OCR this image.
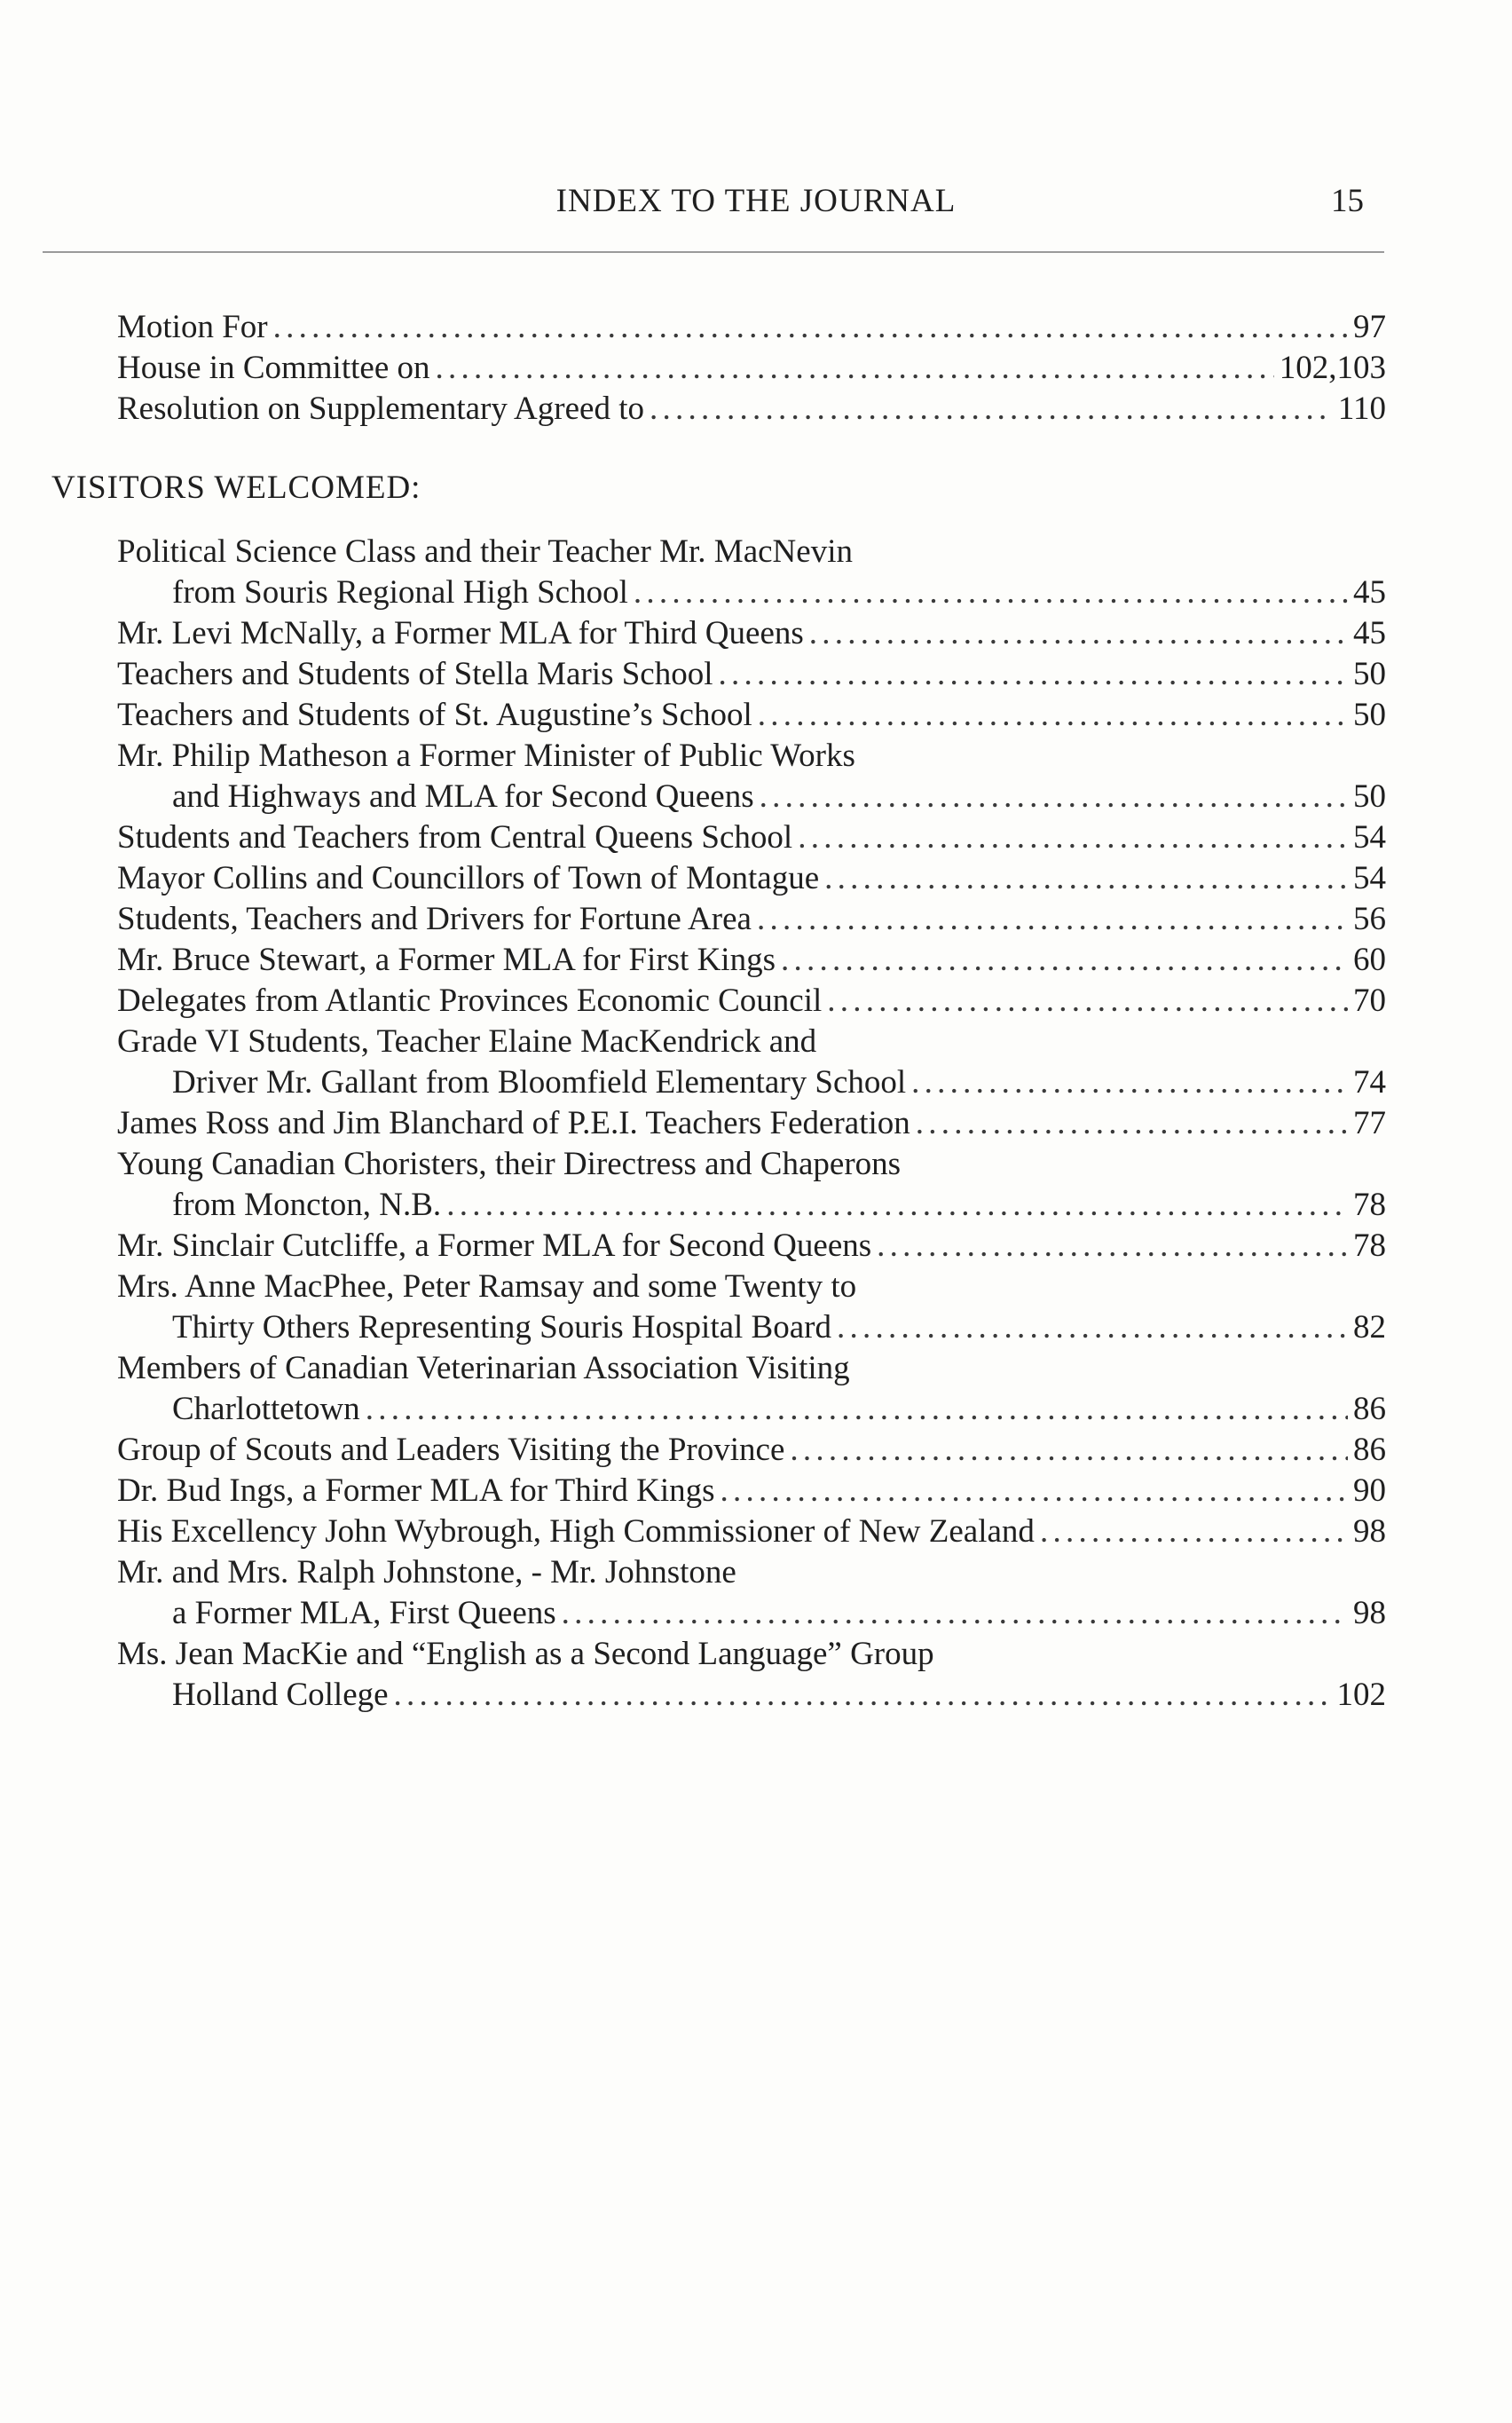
INDEX TO THE JOURNAL	15
Motion For . . .	97
House in Committee on . . .	102,103
Resolution on Supplementary Agreed to . . .	110
VISITORS WELCOMED:
Political Science Class and their Teacher Mr. MacNevin
from Souris Regional High School . . .	45
Mr. Levi McNally, a Former MLA for Third Queens . . .	45
Teachers and Students of Stella Maris School . . .	50
Teachers and Students of St. Augustine’s School . . .	50
Mr. Philip Matheson a Former Minister of Public Works
and Highways and MLA for Second Queens . . .	50
Students and Teachers from Central Queens School . . .	54
Mayor Collins and Councillors of Town of Montague . . .	54
Students, Teachers and Drivers for Fortune Area . . .	56
Mr. Bruce Stewart, a Former MLA for First Kings . . .	60
Delegates from Atlantic Provinces Economic Council . . .	70
Grade VI Students, Teacher Elaine MacKendrick and
Driver Mr. Gallant from Bloomfield Elementary School . . .	74
James Ross and Jim Blanchard of P.E.I. Teachers Federation . . .	77
Young Canadian Choristers, their Directress and Chaperons
from Moncton, N.B. . . .	78
Mr. Sinclair Cutcliffe, a Former MLA for Second Queens . . .	78
Mrs. Anne MacPhee, Peter Ramsay and some Twenty to
Thirty Others Representing Souris Hospital Board . . .	82
Members of Canadian Veterinarian Association Visiting
Charlottetown . . .	86
Group of Scouts and Leaders Visiting the Province . . .	86
Dr. Bud Ings, a Former MLA for Third Kings . . .	90
His Excellency John Wybrough, High Commissioner of New Zealand . . .	98
Mr. and Mrs. Ralph Johnstone, - Mr. Johnstone
a Former MLA, First Queens . . .	98
Ms. Jean MacKie and “English as a Second Language” Group
Holland College . . .	102
